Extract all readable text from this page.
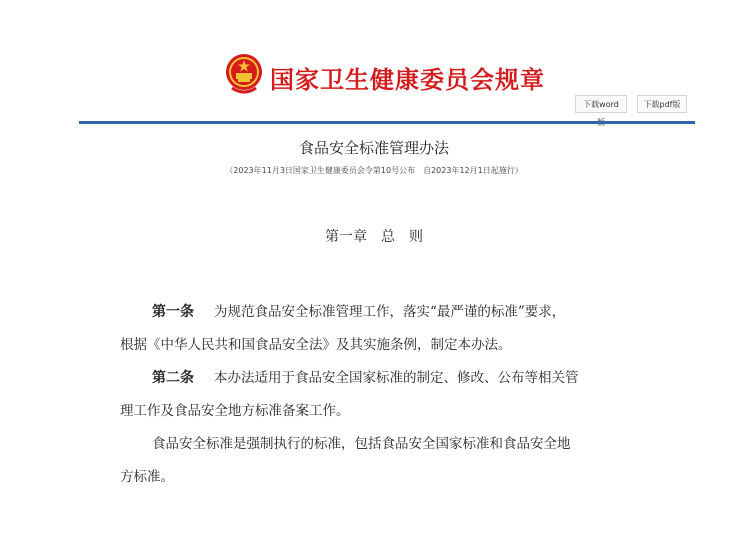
国家卫生健康委员会规章
下载word	下载pdf版
食品安全标准管理办法
（2023年11月3日国家卫生健康委员会令第10号公布　自2023年12月1日起施行）
第一章　总　则
第一条 为规范食品安全标准管理工作，落实“最严谨的标准”要求，
根据《中华人民共和国食品安全法》及其实施条例，制定本办法。
第二条 本办法适用于食品安全国家标准的制定、修改、公布等相关管
理工作及食品安全地方标准备案工作。
食品安全标准是强制执行的标准，包括食品安全国家标准和食品安全地
方标准。
